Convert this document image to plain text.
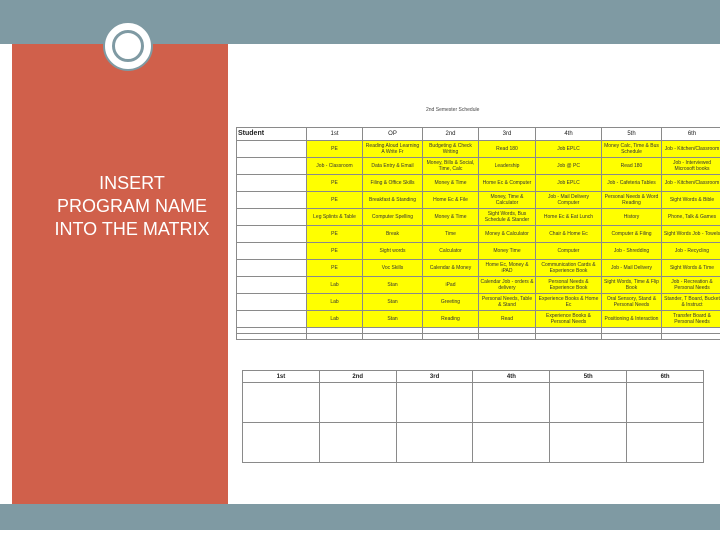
INSERT PROGRAM NAME INTO THE MATRIX
2nd Semester Schedule
Student	1st	OP	2nd	3rd	4th	5th	6th
	PE	Reading Aloud Learning A Write Fr	Budgeting & Check Writing	Read 180	Job EPLC	Money Calc, Time & Bus Schedule	Job - Kitchen/Classroom
	Job - Classroom	Data Entry & Email	Money, Bills & Social, Time, Calc	Leadership	Job @ PC	Read 180	Job - Interviewed Microsoft books
	PE	Filing & Office Skills	Money & Time	Home Ec & Computer	Job EPLC	Job - Cafeteria Tables	Job - Kitchen/Classroom
	PE	Breakfast & Standing	Home Ec & File	Money, Time & Calculator	Job - Mail Delivery Computer	Personal Needs & Word Reading	Sight Words & Bible
	Leg Splints & Table	Computer Spelling	Money & Time	Sight Words, Bus Schedule & Stander	Home Ec & Eat Lunch	History	Phone, Talk & Games
	PE	Break	Time	Money & Calculator	Chair & Home Ec	Computer & Filing	Sight Words Job - Towels
	PE	Sight words	Calculator	Money Time	Computer	Job - Shredding	Job - Recycling
	PE	Voc Skills	Calendar & Money	Home Ec, Money & iPAD	Communication Cards & Experience Book	Job - Mail Delivery	Sight Words & Time
	Lab	Stan	iPad	Calendar Job - orders & delivery	Personal Needs & Experience Book	Sight Words, Time & Flip Book	Job - Recreation & Personal Needs
	Lab	Stan	Greeting	Personal Needs, Table & Stand	Experience Books & Home Ec	Oral Sensory, Stand & Personal Needs	Stander, T Board, Bucket & Instruct
	Lab	Stan	Reading	Read	Experience Books & Personal Needs	Positioning & Interaction	Transfer Board & Personal Needs

1st	2nd	3rd	4th	5th	6th
